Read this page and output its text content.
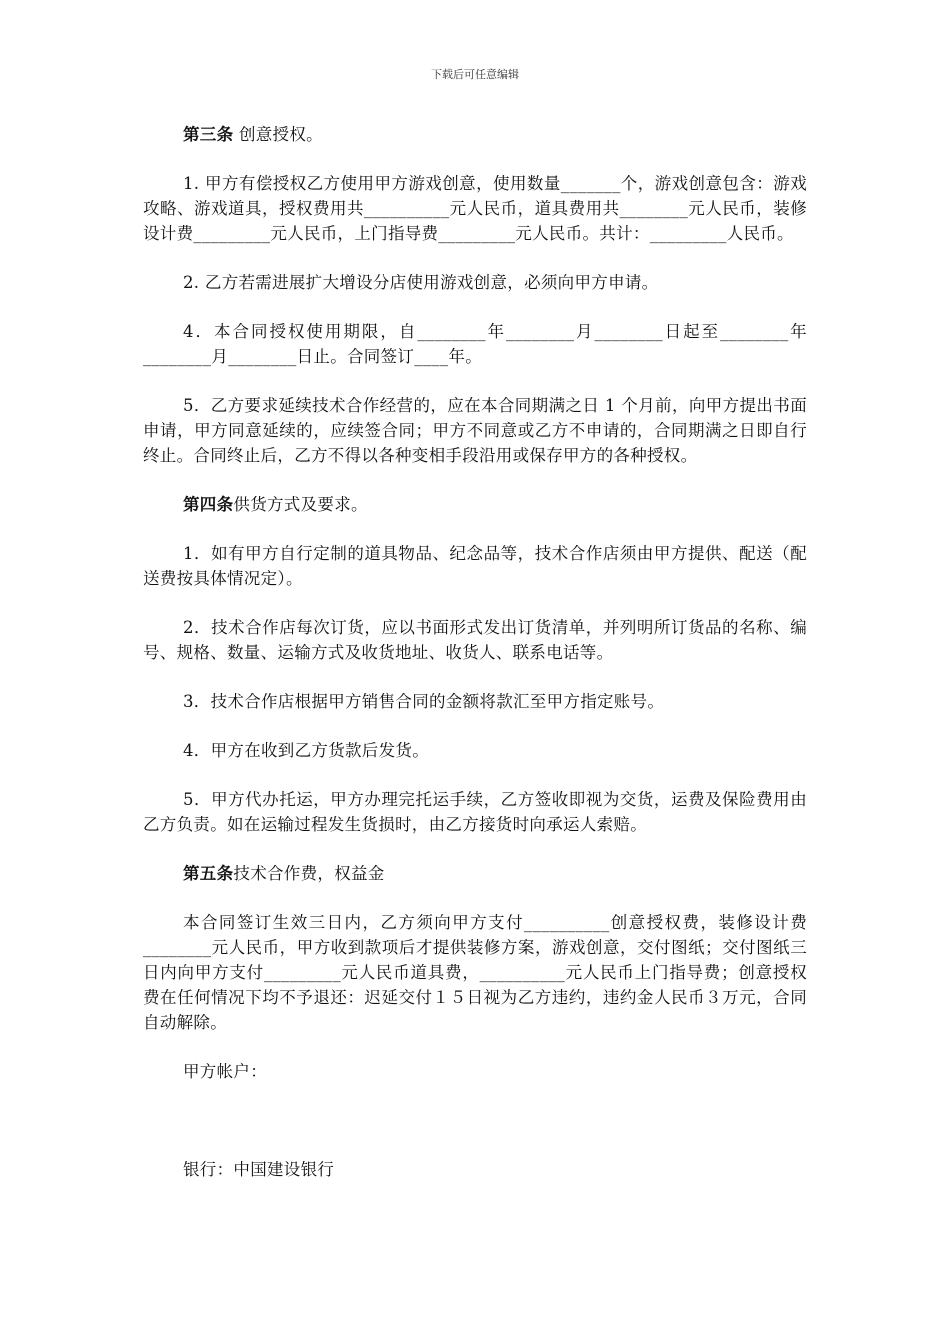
下载后可任意编辑

第三条 创意授权。

1. 甲方有偿授权乙方使用甲方游戏创意，使用数量_______个，游戏创意包含：游戏攻略、游戏道具，授权费用共__________元人民币，道具费用共________元人民币，装修设计费_________元人民币，上门指导费_________元人民币。共计：_________人民币。

2. 乙方若需进展扩大增设分店使用游戏创意，必须向甲方申请。

4．本合同授权使用期限，自________年________月________日起至________年________月________日止。合同签订____年。

5．乙方要求延续技术合作经营的，应在本合同期满之日 1 个月前，向甲方提出书面申请，甲方同意延续的，应续签合同；甲方不同意或乙方不申请的，合同期满之日即自行终止。合同终止后，乙方不得以各种变相手段沿用或保存甲方的各种授权。

第四条供货方式及要求。

1．如有甲方自行定制的道具物品、纪念品等，技术合作店须由甲方提供、配送（配送费按具体情况定）。

2．技术合作店每次订货，应以书面形式发出订货清单，并列明所订货品的名称、编号、规格、数量、运输方式及收货地址、收货人、联系电话等。

3．技术合作店根据甲方销售合同的金额将款汇至甲方指定账号。

4．甲方在收到乙方货款后发货。

5．甲方代办托运，甲方办理完托运手续，乙方签收即视为交货，运费及保险费用由乙方负责。如在运输过程发生货损时，由乙方接货时向承运人索赔。

第五条技术合作费，权益金

本合同签订生效三日内，乙方须向甲方支付__________创意授权费，装修设计费________元人民币，甲方收到款项后才提供装修方案，游戏创意，交付图纸；交付图纸三日内向甲方支付_________元人民币道具费，__________元人民币上门指导费；创意授权费在任何情况下均不予退还：迟延交付１５日视为乙方违约，违约金人民币３万元，合同自动解除。

甲方帐户：

银行：中国建设银行
